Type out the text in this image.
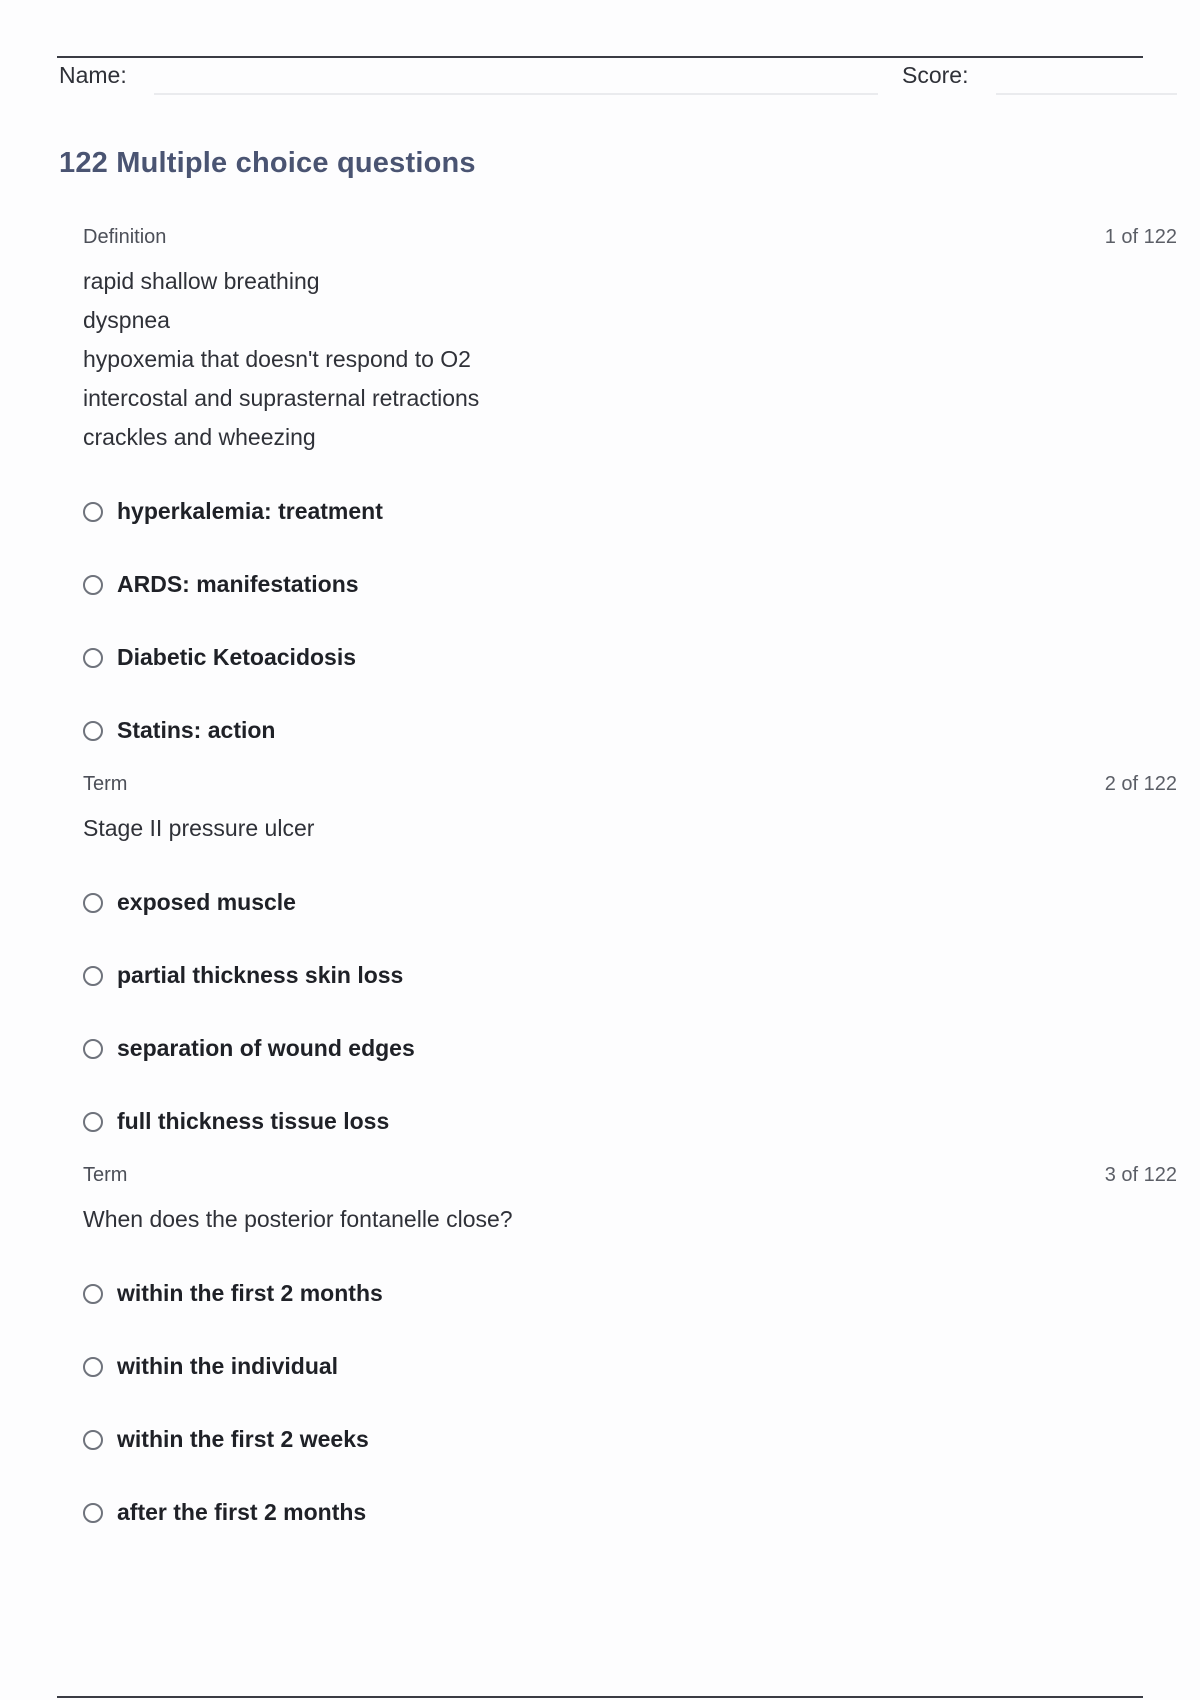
Name:	Score:
122 Multiple choice questions
Definition	1 of 122
rapid shallow breathing
dyspnea
hypoxemia that doesn't respond to O2
intercostal and suprasternal retractions
crackles and wheezing
hyperkalemia: treatment
ARDS: manifestations
Diabetic Ketoacidosis
Statins: action
Term	2 of 122
Stage II pressure ulcer
exposed muscle
partial thickness skin loss
separation of wound edges
full thickness tissue loss
Term	3 of 122
When does the posterior fontanelle close?
within the first 2 months
within the individual
within the first 2 weeks
after the first 2 months
